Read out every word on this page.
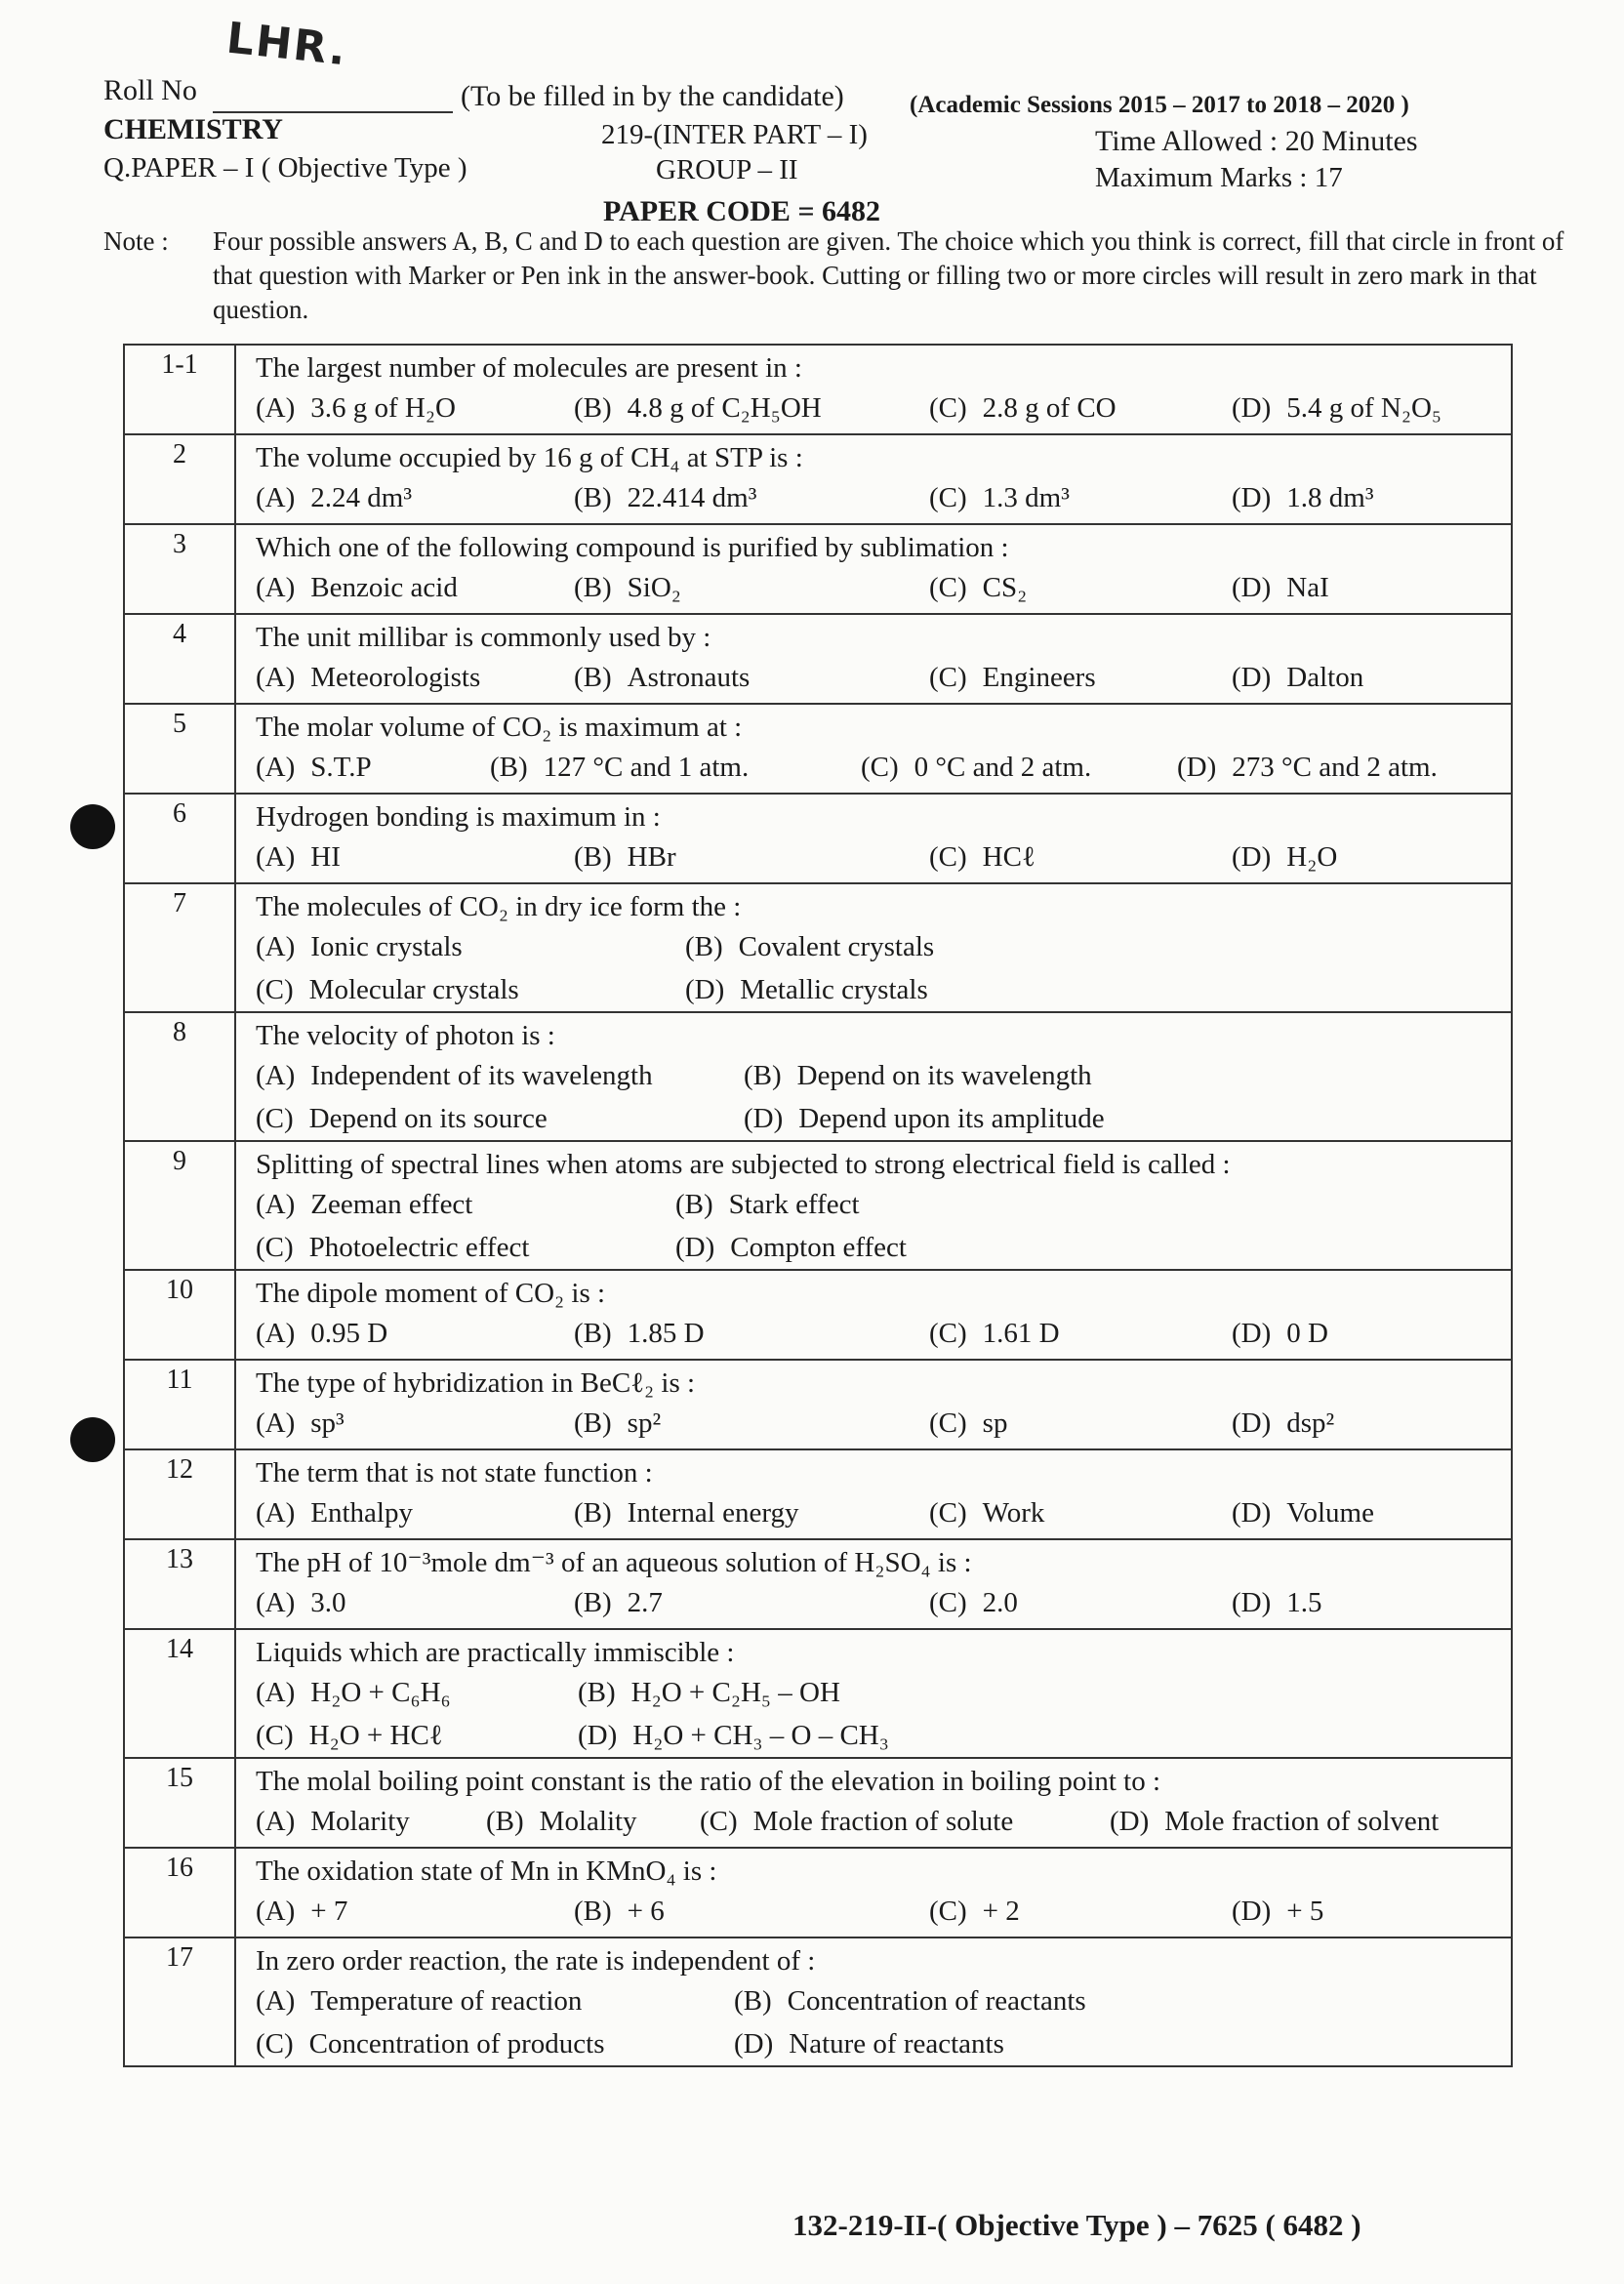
LHR.
Roll No	(To be filled in by the candidate)	(Academic Sessions 2015 – 2017 to 2018 – 2020 )
CHEMISTRY	219-(INTER PART – I)	Time Allowed : 20 Minutes
Q.PAPER – I ( Objective Type )	GROUP – II	Maximum Marks : 17
PAPER CODE = 6482
Note : Four possible answers A, B, C and D to each question are given. The choice which you think is correct, fill that circle in front of that question with Marker or Pen ink in the answer-book. Cutting or filling two or more circles will result in zero mark in that question.
1-1	The largest number of molecules are present in :
(A) 3.6 g of H₂O (B) 4.8 g of C₂H₅OH (C) 2.8 g of CO (D) 5.4 g of N₂O₅

2	The volume occupied by 16 g of CH₄ at STP is :
(A) 2.24 dm³ (B) 22.414 dm³ (C) 1.3 dm³ (D) 1.8 dm³

3	Which one of the following compound is purified by sublimation :
(A) Benzoic acid (B) SiO₂ (C) CS₂ (D) NaI

4	The unit millibar is commonly used by :
(A) Meteorologists (B) Astronauts (C) Engineers (D) Dalton

5	The molar volume of CO₂ is maximum at :
(A) S.T.P (B) 127 °C and 1 atm. (C) 0 °C and 2 atm. (D) 273 °C and 2 atm.

6	Hydrogen bonding is maximum in :
(A) HI (B) HBr (C) HCℓ (D) H₂O

7	The molecules of CO₂ in dry ice form the :
(A) Ionic crystals (B) Covalent crystals
(C) Molecular crystals (D) Metallic crystals

8	The velocity of photon is :
(A) Independent of its wavelength (B) Depend on its wavelength
(C) Depend on its source (D) Depend upon its amplitude

9	Splitting of spectral lines when atoms are subjected to strong electrical field is called :
(A) Zeeman effect (B) Stark effect
(C) Photoelectric effect (D) Compton effect

10	The dipole moment of CO₂ is :
(A) 0.95 D (B) 1.85 D (C) 1.61 D (D) 0 D

11	The type of hybridization in BeCℓ₂ is :
(A) sp³ (B) sp² (C) sp (D) dsp²

12	The term that is not state function :
(A) Enthalpy (B) Internal energy (C) Work (D) Volume

13	The pH of 10⁻³mole dm⁻³ of an aqueous solution of H₂SO₄ is :
(A) 3.0 (B) 2.7 (C) 2.0 (D) 1.5

14	Liquids which are practically immiscible :
(A) H₂O + C₆H₆ (B) H₂O + C₂H₅ – OH
(C) H₂O + HCℓ (D) H₂O + CH₃ – O – CH₃

15	The molal boiling point constant is the ratio of the elevation in boiling point to :
(A) Molarity (B) Molality (C) Mole fraction of solute (D) Mole fraction of solvent

16	The oxidation state of Mn in KMnO₄ is :
(A) + 7 (B) + 6 (C) + 2 (D) + 5

17	In zero order reaction, the rate is independent of :
(A) Temperature of reaction (B) Concentration of reactants
(C) Concentration of products (D) Nature of reactants
132-219-II-( Objective Type ) – 7625 ( 6482 )
